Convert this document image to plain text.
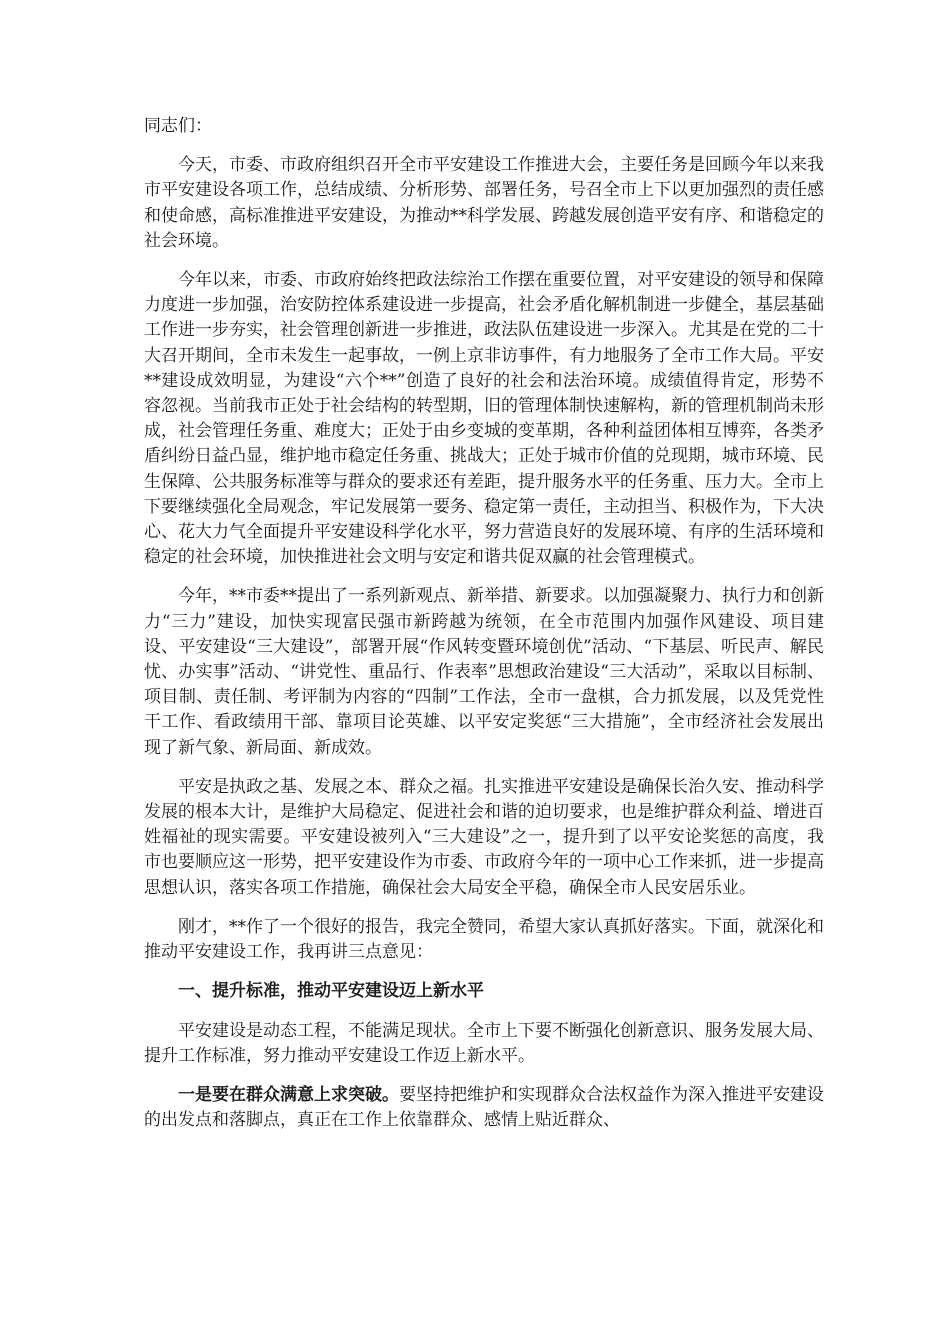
同志们：

今天，市委、市政府组织召开全市平安建设工作推进大会，主要任务是回顾今年以来我市平安建设各项工作，总结成绩、分析形势、部署任务，号召全市上下以更加强烈的责任感和使命感，高标准推进平安建设，为推动**科学发展、跨越发展创造平安有序、和谐稳定的社会环境。

今年以来，市委、市政府始终把政法综治工作摆在重要位置，对平安建设的领导和保障力度进一步加强，治安防控体系建设进一步提高，社会矛盾化解机制进一步健全，基层基础工作进一步夯实，社会管理创新进一步推进，政法队伍建设进一步深入。尤其是在党的二十大召开期间，全市未发生一起事故，一例上京非访事件，有力地服务了全市工作大局。平安**建设成效明显，为建设“六个**”创造了良好的社会和法治环境。成绩值得肯定，形势不容忽视。当前我市正处于社会结构的转型期，旧的管理体制快速解构，新的管理机制尚未形成，社会管理任务重、难度大；正处于由乡变城的变革期，各种利益团体相互博弈，各类矛盾纠纷日益凸显，维护地市稳定任务重、挑战大；正处于城市价值的兑现期，城市环境、民生保障、公共服务标准等与群众的要求还有差距，提升服务水平的任务重、压力大。全市上下要继续强化全局观念，牢记发展第一要务、稳定第一责任，主动担当、积极作为，下大决心、花大力气全面提升平安建设科学化水平，努力营造良好的发展环境、有序的生活环境和稳定的社会环境，加快推进社会文明与安定和谐共促双赢的社会管理模式。

今年，**市委**提出了一系列新观点、新举措、新要求。以加强凝聚力、执行力和创新力“三力”建设，加快实现富民强市新跨越为统领，在全市范围内加强作风建设、项目建设、平安建设“三大建设”，部署开展“作风转变暨环境创优”活动、“下基层、听民声、解民忧、办实事”活动、“讲党性、重品行、作表率”思想政治建设“三大活动”，采取以目标制、项目制、责任制、考评制为内容的“四制”工作法，全市一盘棋，合力抓发展，以及凭党性干工作、看政绩用干部、靠项目论英雄、以平安定奖惩“三大措施”，全市经济社会发展出现了新气象、新局面、新成效。

平安是执政之基、发展之本、群众之福。扎实推进平安建设是确保长治久安、推动科学发展的根本大计，是维护大局稳定、促进社会和谐的迫切要求，也是维护群众利益、增进百姓福祉的现实需要。平安建设被列入“三大建设”之一，提升到了以平安论奖惩的高度，我市也要顺应这一形势，把平安建设作为市委、市政府今年的一项中心工作来抓，进一步提高思想认识，落实各项工作措施，确保社会大局安全平稳，确保全市人民安居乐业。

刚才，**作了一个很好的报告，我完全赞同，希望大家认真抓好落实。下面，就深化和推动平安建设工作，我再讲三点意见：

一、提升标准，推动平安建设迈上新水平

平安建设是动态工程，不能满足现状。全市上下要不断强化创新意识、服务发展大局、提升工作标准，努力推动平安建设工作迈上新水平。

一是要在群众满意上求突破。要坚持把维护和实现群众合法权益作为深入推进平安建设的出发点和落脚点，真正在工作上依靠群众、感情上贴近群众、
